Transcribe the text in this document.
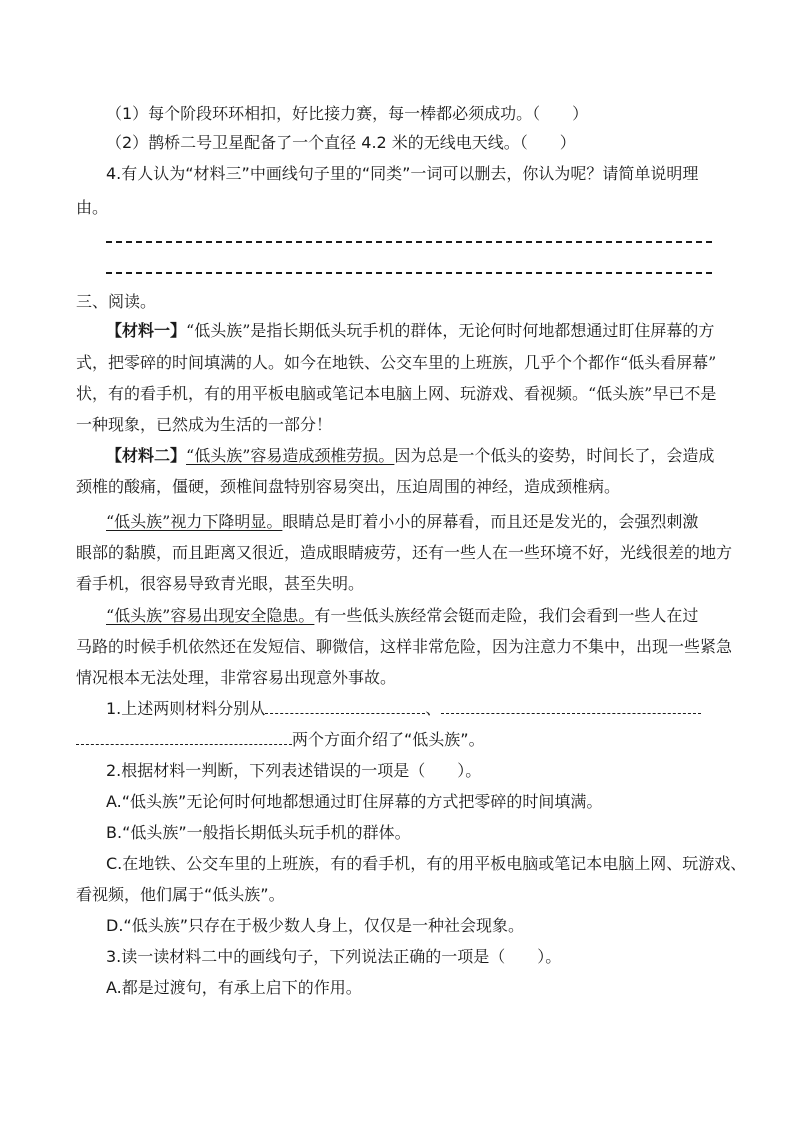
（1）每个阶段环环相扣，好比接力赛，每一棒都必须成功。（　　）
（2）鹊桥二号卫星配备了一个直径 4.2 米的无线电天线。（　　）
4.有人认为“材料三”中画线句子里的“同类”一词可以删去，你认为呢？请简单说明理
由。
三、阅读。
【材料一】“低头族”是指长期低头玩手机的群体，无论何时何地都想通过盯住屏幕的方
式，把零碎的时间填满的人。如今在地铁、公交车里的上班族，几乎个个都作“低头看屏幕”
状，有的看手机，有的用平板电脑或笔记本电脑上网、玩游戏、看视频。“低头族”早已不是
一种现象，已然成为生活的一部分！
【材料二】“低头族”容易造成颈椎劳损。因为总是一个低头的姿势，时间长了，会造成
颈椎的酸痛，僵硬，颈椎间盘特别容易突出，压迫周围的神经，造成颈椎病。
“低头族”视力下降明显。眼睛总是盯着小小的屏幕看，而且还是发光的，会强烈刺激
眼部的黏膜，而且距离又很近，造成眼睛疲劳，还有一些人在一些环境不好，光线很差的地方
看手机，很容易导致青光眼，甚至失明。
“低头族”容易出现安全隐患。有一些低头族经常会铤而走险，我们会看到一些人在过
马路的时候手机依然还在发短信、聊微信，这样非常危险，因为注意力不集中，出现一些紧急
情况根本无法处理，非常容易出现意外事故。
1.上述两则材料分别从	、
两个方面介绍了“低头族”。
2.根据材料一判断，下列表述错误的一项是（　　）。
A.“低头族”无论何时何地都想通过盯住屏幕的方式把零碎的时间填满。
B.“低头族”一般指长期低头玩手机的群体。
C.在地铁、公交车里的上班族，有的看手机，有的用平板电脑或笔记本电脑上网、玩游戏、
看视频，他们属于“低头族”。
D.“低头族”只存在于极少数人身上，仅仅是一种社会现象。
3.读一读材料二中的画线句子，下列说法正确的一项是（　　）。
A.都是过渡句，有承上启下的作用。
